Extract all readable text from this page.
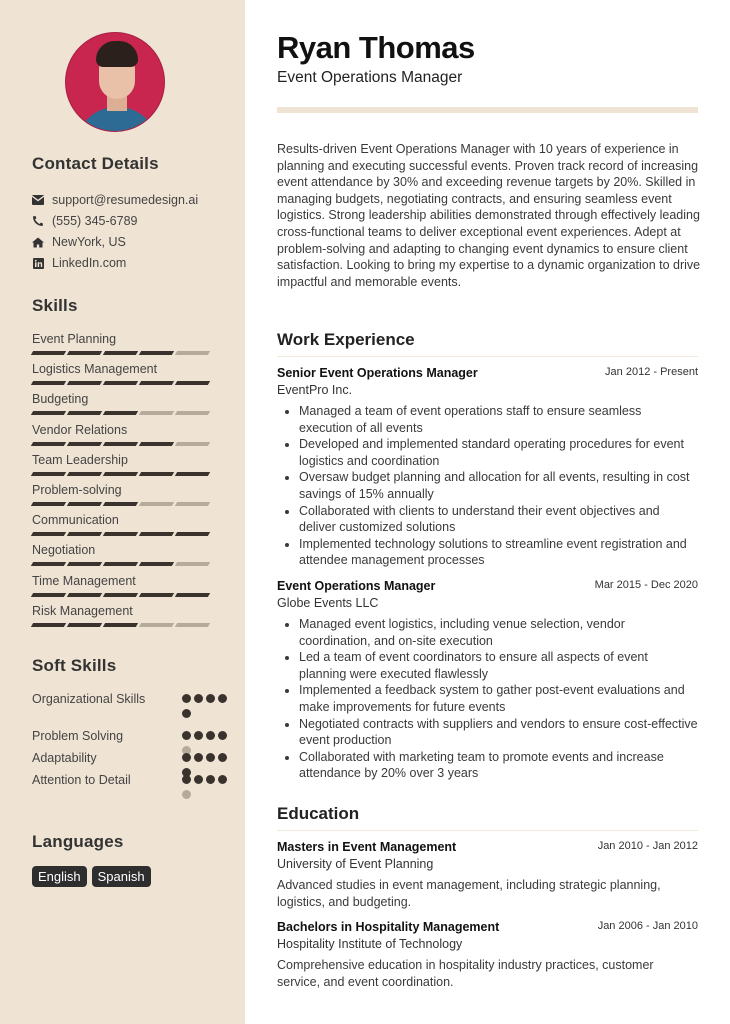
Contact Details
support@resumedesign.ai
(555) 345-6789
NewYork, US
LinkedIn.com
Skills
Event Planning
Logistics Management
Budgeting
Vendor Relations
Team Leadership
Problem-solving
Communication
Negotiation
Time Management
Risk Management
Soft Skills
Organizational Skills
Problem Solving
Adaptability
Attention to Detail
Languages
English	Spanish
Ryan Thomas
Event Operations Manager
Results-driven Event Operations Manager with 10 years of experience in planning and executing successful events. Proven track record of increasing event attendance by 30% and exceeding revenue targets by 20%. Skilled in managing budgets, negotiating contracts, and ensuring seamless event logistics. Strong leadership abilities demonstrated through effectively leading cross-functional teams to deliver exceptional event experiences. Adept at problem-solving and adapting to changing event dynamics to ensure client satisfaction. Looking to bring my expertise to a dynamic organization to drive impactful and memorable events.
Work Experience
Senior Event Operations Manager	Jan 2012 - Present
EventPro Inc.
• Managed a team of event operations staff to ensure seamless execution of all events
• Developed and implemented standard operating procedures for event logistics and coordination
• Oversaw budget planning and allocation for all events, resulting in cost savings of 15% annually
• Collaborated with clients to understand their event objectives and deliver customized solutions
• Implemented technology solutions to streamline event registration and attendee management processes
Event Operations Manager	Mar 2015 - Dec 2020
Globe Events LLC
• Managed event logistics, including venue selection, vendor coordination, and on-site execution
• Led a team of event coordinators to ensure all aspects of event planning were executed flawlessly
• Implemented a feedback system to gather post-event evaluations and make improvements for future events
• Negotiated contracts with suppliers and vendors to ensure cost-effective event production
• Collaborated with marketing team to promote events and increase attendance by 20% over 3 years
Education
Masters in Event Management	Jan 2010 - Jan 2012
University of Event Planning
Advanced studies in event management, including strategic planning, logistics, and budgeting.
Bachelors in Hospitality Management	Jan 2006 - Jan 2010
Hospitality Institute of Technology
Comprehensive education in hospitality industry practices, customer service, and event coordination.
